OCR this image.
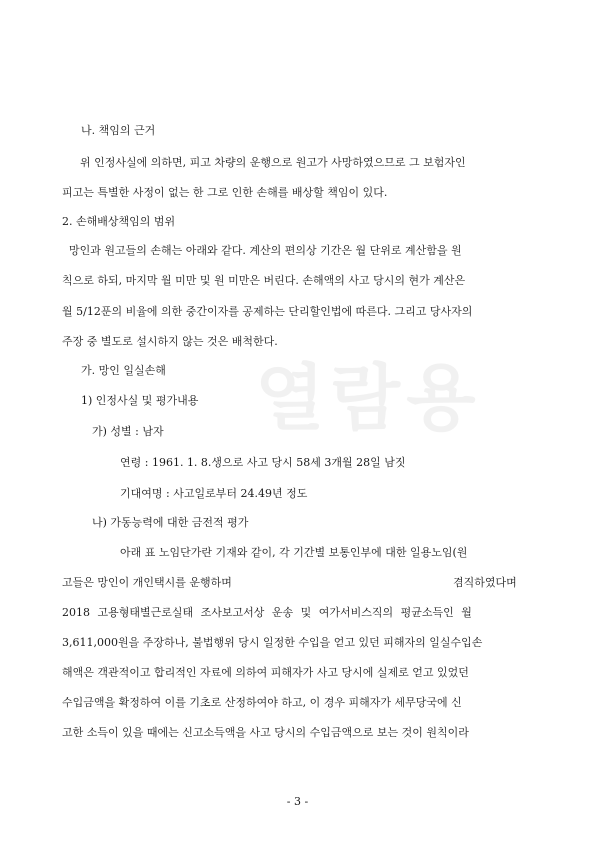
열람용
나. 책임의 근거
위 인정사실에 의하면, 피고 차량의 운행으로 원고가 사망하였으므로 그 보험자인
피고는 특별한 사정이 없는 한 그로 인한 손해를 배상할 책임이 있다.
2. 손해배상책임의 범위
망인과 원고들의 손해는 아래와 같다. 계산의 편의상 기간은 월 단위로 계산함을 원
칙으로 하되, 마지막 월 미만 및 원 미만은 버린다. 손해액의 사고 당시의 현가 계산은
월 5/12푼의 비율에 의한 중간이자를 공제하는 단리할인법에 따른다. 그리고 당사자의
주장 중 별도로 설시하지 않는 것은 배척한다.
가. 망인 일실손해
1) 인정사실 및 평가내용
가) 성별 : 남자
연령 : 1961. 1. 8.생으로 사고 당시 58세 3개월 28일 남짓
기대여명 : 사고일로부터 24.49년 정도
나) 가동능력에 대한 금전적 평가
아래 표 노임단가란 기재와 같이, 각 기간별 보통인부에 대한 일용노임(원
고들은 망인이 개인택시를 운행하며	겸직하였다며
2018 고용형태별근로실태 조사보고서상 운송 및 여가서비스직의 평균소득인 월
3,611,000원을 주장하나, 불법행위 당시 일정한 수입을 얻고 있던 피해자의 일실수입손
해액은 객관적이고 합리적인 자료에 의하여 피해자가 사고 당시에 실제로 얻고 있었던
수입금액을 확정하여 이를 기초로 산정하여야 하고, 이 경우 피해자가 세무당국에 신
고한 소득이 있을 때에는 신고소득액을 사고 당시의 수입금액으로 보는 것이 원칙이라
- 3 -
